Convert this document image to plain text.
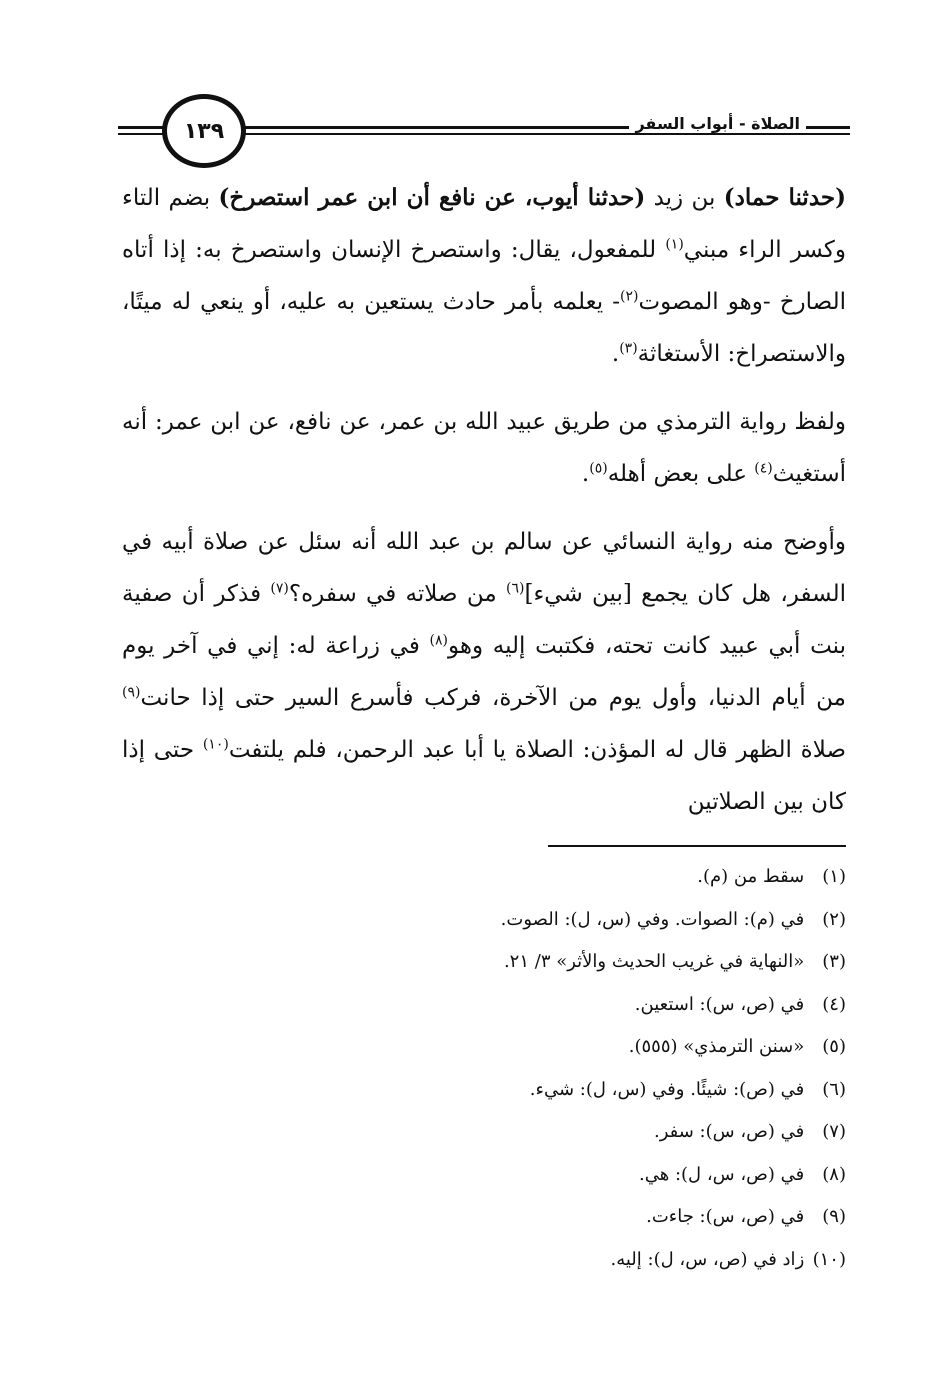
١٣٩	الصلاة - أبواب السفر

(حدثنا حماد) بن زيد (حدثنا أيوب، عن نافع أن ابن عمر استصرخ) بضم التاء وكسر الراء مبني$^{(١)}$ للمفعول، يقال: واستصرخ الإنسان واستصرخ به: إذا أتاه الصارخ -وهو المصوت$^{(٢)}$- يعلمه بأمر حادث يستعين به عليه، أو ينعي له ميتًا، والاستصراخ: الأستغاثة$^{(٣)}$.

ولفظ رواية الترمذي من طريق عبيد الله بن عمر، عن نافع، عن ابن عمر: أنه أستغيث$^{(٤)}$ على بعض أهله$^{(٥)}$.

وأوضح منه رواية النسائي عن سالم بن عبد الله أنه سئل عن صلاة أبيه في السفر، هل كان يجمع [بين شيء]$^{(٦)}$ من صلاته في سفره؟$^{(٧)}$ فذكر أن صفية بنت أبي عبيد كانت تحته، فكتبت إليه وهو$^{(٨)}$ في زراعة له: إني في آخر يوم من أيام الدنيا، وأول يوم من الآخرة، فركب فأسرع السير حتى إذا حانت$^{(٩)}$ صلاة الظهر قال له المؤذن: الصلاة يا أبا عبد الرحمن، فلم يلتفت$^{(١٠)}$ حتى إذا كان بين الصلاتين

(١) سقط من (م).
(٢) في (م): الصوات. وفي (س، ل): الصوت.
(٣) «النهاية في غريب الحديث والأثر» ٣/ ٢١.
(٤) في (ص، س): استعين.
(٥) «سنن الترمذي» (٥٥٥).
(٦) في (ص): شيئًا. وفي (س، ل): شيء.
(٧) في (ص، س): سفر.
(٨) في (ص، س، ل): هي.
(٩) في (ص، س): جاءت.
(١٠) زاد في (ص، س، ل): إليه.
